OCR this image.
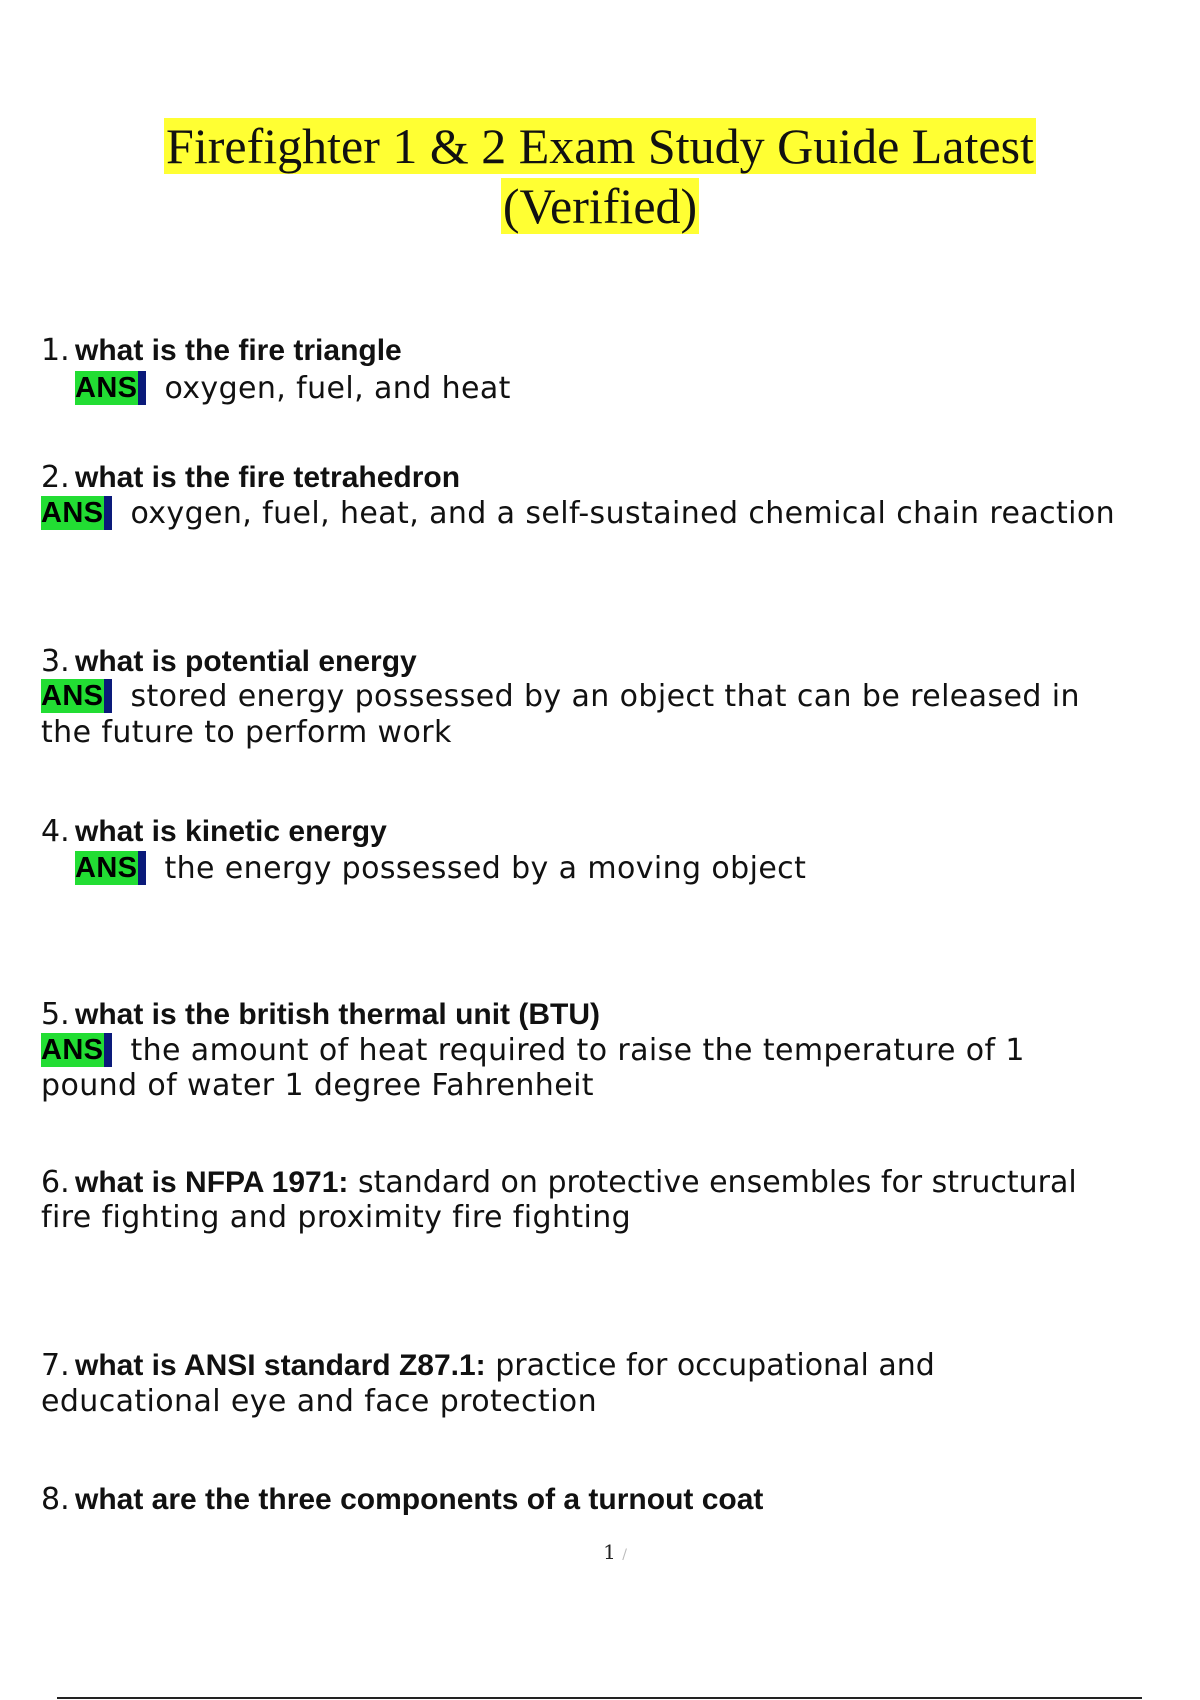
Firefighter 1 & 2 Exam Study Guide Latest
(Verified)
1. what is the fire triangle
ANS oxygen, fuel, and heat
2. what is the fire tetrahedron
ANS oxygen, fuel, heat, and a self-sustained chemical chain reaction
3. what is potential energy
ANS stored energy possessed by an object that can be released in
the future to perform work
4. what is kinetic energy
ANS the energy possessed by a moving object
5. what is the british thermal unit (BTU)
ANS the amount of heat required to raise the temperature of 1
pound of water 1 degree Fahrenheit
6. what is NFPA 1971: standard on protective ensembles for structural
fire fighting and proximity fire fighting
7. what is ANSI standard Z87.1: practice for occupational and
educational eye and face protection
8. what are the three components of a turnout coat
1 /
